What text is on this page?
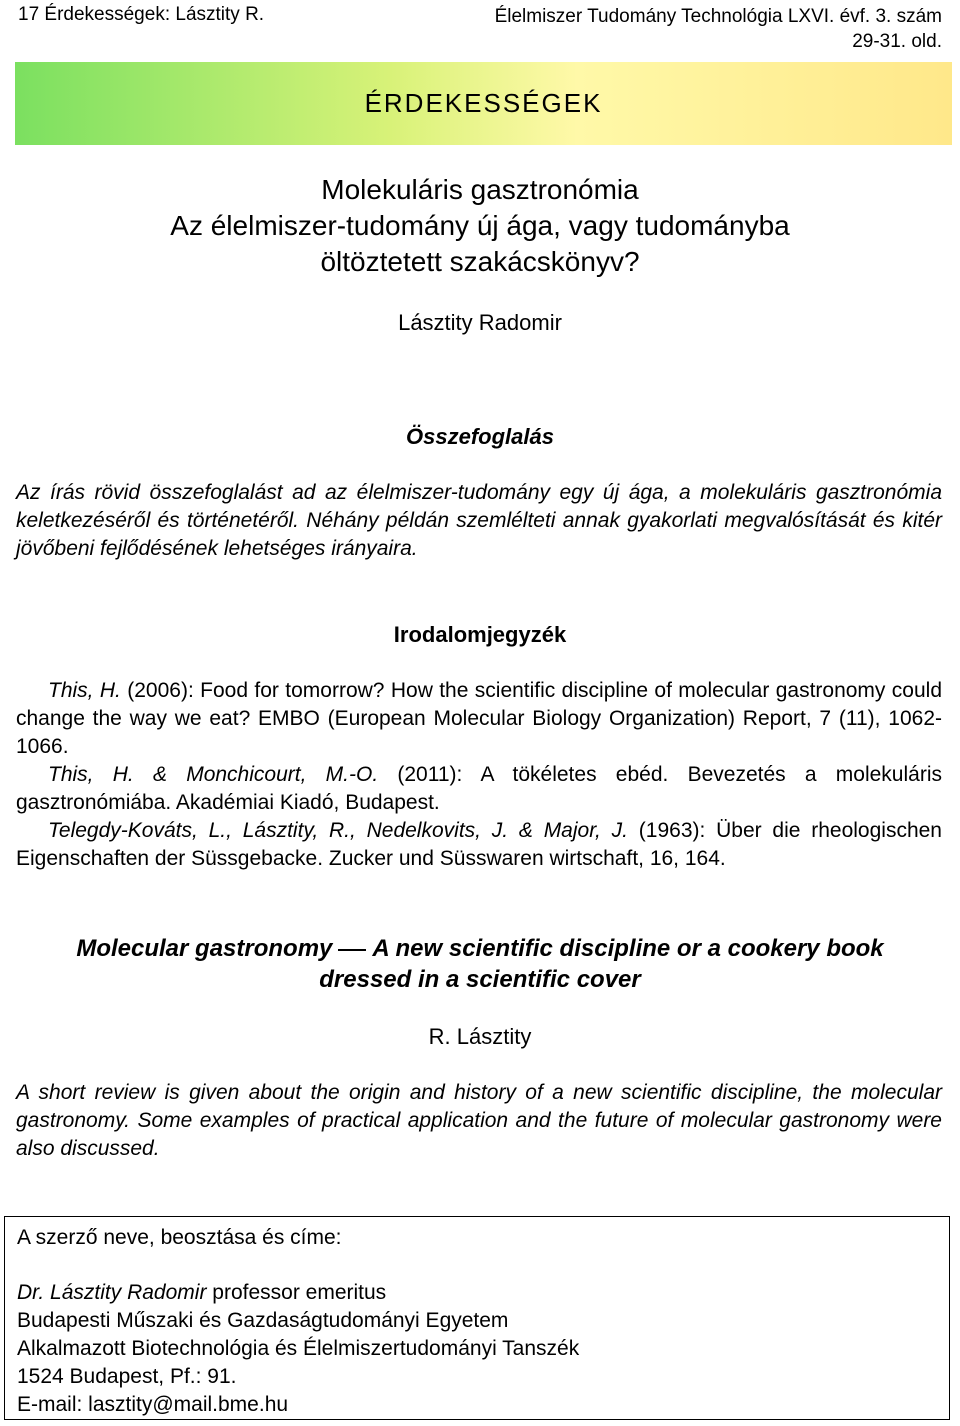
17 Érdekességek: Lásztity R.	Élelmiszer Tudomány Technológia LXVI. évf. 3. szám
29-31. old.
ÉRDEKESSÉGEK
Molekuláris gasztronómia
Az élelmiszer-tudomány új ága, vagy tudományba
öltöztetett szakácskönyv?
Lásztity Radomir
Összefoglalás
Az írás rövid összefoglalást ad az élelmiszer-tudomány egy új ága, a molekuláris gasztronómia keletkezéséről és történetéről. Néhány példán szemlélteti annak gyakorlati megvalósítását és kitér jövőbeni fejlődésének lehetséges irányaira.
Irodalomjegyzék

This, H. (2006): Food for tomorrow? How the scientific discipline of molecular gastronomy could change the way we eat? EMBO (European Molecular Biology Organization) Report, 7 (11), 1062-1066.

This, H. & Monchicourt, M.-O. (2011): A tökéletes ebéd. Bevezetés a molekuláris gasztronómiába. Akadémiai Kiadó, Budapest.

Telegdy-Kováts, L., Lásztity, R., Nedelkovits, J. & Major, J. (1963): Über die rheologischen Eigenschaften der Süssgebacke. Zucker und Süsswaren wirtschaft, 16, 164.

Molecular gastronomy A new scientific discipline or a cookery book
dressed in a scientific cover
R. Lásztity
A short review is given about the origin and history of a new scientific discipline, the molecular gastronomy. Some examples of practical application and the future of molecular gastronomy were also discussed.
A szerző neve, beosztása és címe:
Dr. Lásztity Radomir professor emeritus
Budapesti Műszaki és Gazdaságtudományi Egyetem
Alkalmazott Biotechnológia és Élelmiszertudományi Tanszék
1524 Budapest, Pf.: 91.
E-mail: lasztity@mail.bme.hu
